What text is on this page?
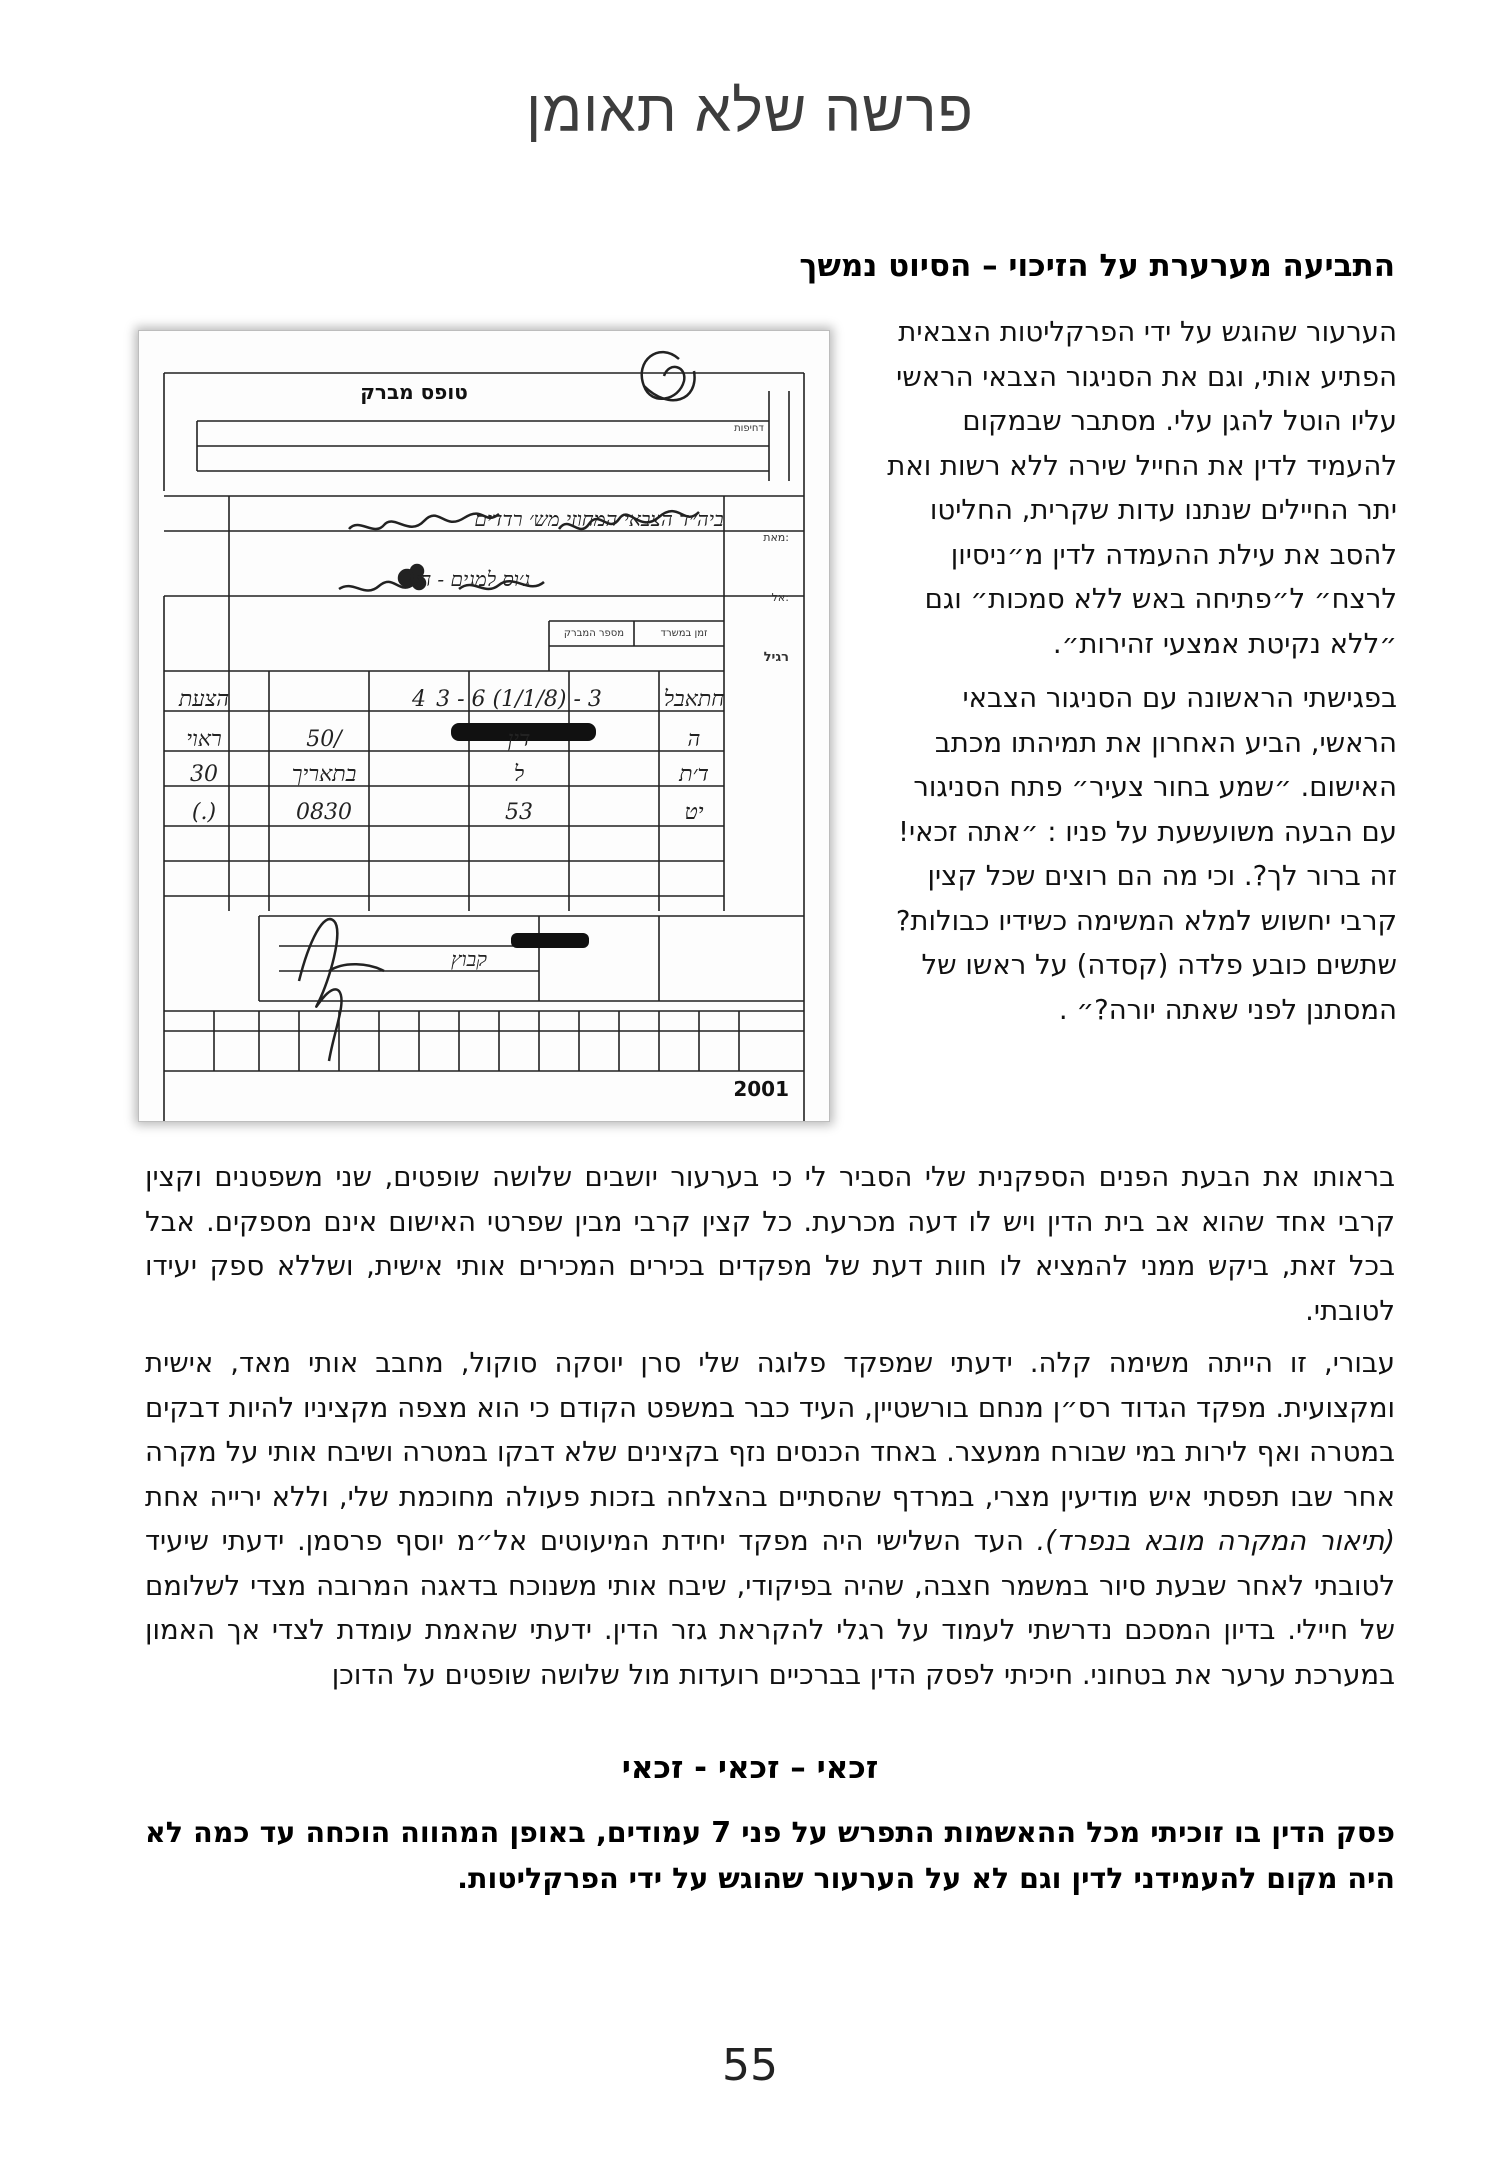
פרשה שלא תאומן
התביעה מערערת על הזיכוי – הסיוט נמשך

הערעור שהוגש על ידי הפרקליטות הצבאית הפתיע אותי, וגם את הסניגור הצבאי הראשי עליו הוטל להגן עלי. מסתבר שבמקום להעמיד לדין את החייל שירה ללא רשות ואת יתר החיילים שנתנו עדות שקרית, החליטו להסב את עילת ההעמדה לדין מ״ניסיון לרצח״ ל״פתיחה באש ללא סמכות״ וגם ״ללא נקיטת אמצעי זהירות״.

בפגישתי הראשונה עם הסניגור הצבאי הראשי, הביע האחרון את תמיהתו מכתב האישום. ״שמע בחור צעיר״ פתח הסניגור עם הבעה משועשעת על פניו : ״אתה זכאי! זה ברור לך?. וכי מה הם רוצים שכל קצין קרבי יחשוש למלא המשימה כשידיו כבולות? שתשים כובע פלדה (קסדה) על ראשו של המסתנן לפני שאתה יורה?״ .

טופס מברק
דחיפות
מאת:
אל:
רגיל
זמן במשרד
מספר המברק
ביה״ד הצבאי המחוזי מש׳ רדדים
ג׳וס למגים - חס
חתאבל
3 - 6 (1/1/8) - 3
4
הצעת
ה
דין
50/
ראוי
ד׳ת
ל
בתאריך
30
יט
53
0830
(.)
קבוץ
2001

בראותו את הבעת הפנים הספקנית שלי הסביר לי כי בערעור יושבים שלושה שופטים, שני משפטנים וקצין קרבי אחד שהוא אב בית הדין ויש לו דעה מכרעת. כל קצין קרבי מבין שפרטי האישום אינם מספקים. אבל בכל זאת, ביקש ממני להמציא לו חוות דעת של מפקדים בכירים המכירים אותי אישית, ושללא ספק יעידו לטובתי.

עבורי, זו הייתה משימה קלה. ידעתי שמפקד פלוגה שלי סרן יוסקה סוקול, מחבב אותי מאד, אישית ומקצועית. מפקד הגדוד רס״ן מנחם בורשטיין, העיד כבר במשפט הקודם כי הוא מצפה מקציניו להיות דבקים במטרה ואף לירות במי שבורח ממעצר. באחד הכנסים נזף בקצינים שלא דבקו במטרה ושיבח אותי על מקרה אחר שבו תפסתי איש מודיעין מצרי, במרדף שהסתיים בהצלחה בזכות פעולה מחוכמת שלי, וללא ירייה אחת (תיאור המקרה מובא בנפרד). העד השלישי היה מפקד יחידת המיעוטים אל״מ יוסף פרסמן. ידעתי שיעיד לטובתי לאחר שבעת סיור במשמר חצבה, שהיה בפיקודי, שיבח אותי משנוכח בדאגה המרובה מצדי לשלומם של חיילי. בדיון המסכם נדרשתי לעמוד על רגלי להקראת גזר הדין. ידעתי שהאמת עומדת לצדי אך האמון במערכת ערער את בטחוני. חיכיתי לפסק הדין בברכיים רועדות מול שלושה שופטים על הדוכן

זכאי – זכאי - זכאי
פסק הדין בו זוכיתי מכל ההאשמות התפרש על פני 7 עמודים, באופן המהווה הוכחה עד כמה לא היה מקום להעמידני לדין וגם לא על הערעור שהוגש על ידי הפרקליטות.
55
